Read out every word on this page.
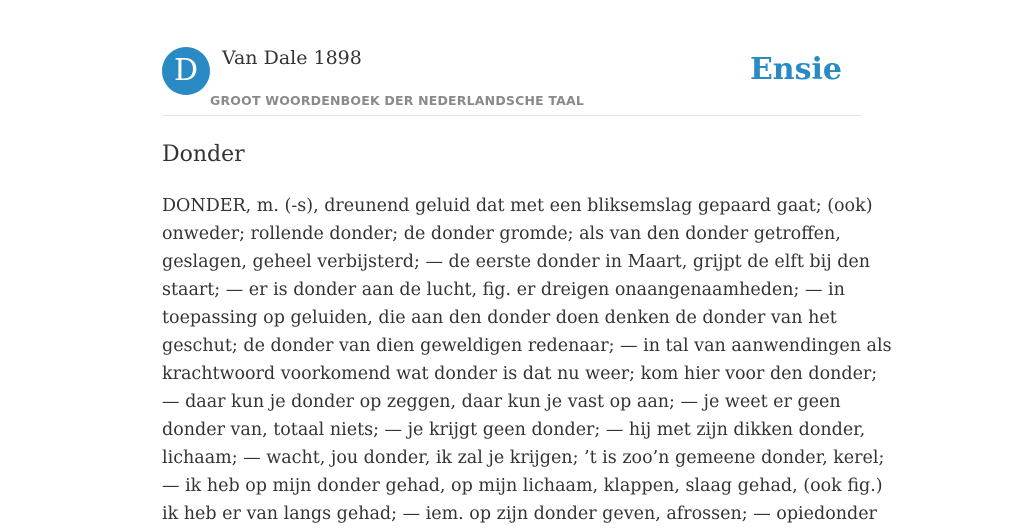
D	Van Dale 1898
GROOT WOORDENBOEK DER NEDERLANDSCHE TAAL
Ensie
Donder

DONDER, m. (-s), dreunend geluid dat met een bliksemslag gepaard gaat; (ook)
onweder; rollende donder; de donder gromde; als van den donder getroffen,
geslagen, geheel verbijsterd; — de eerste donder in Maart, grijpt de elft bij den
staart; — er is donder aan de lucht, fig. er dreigen onaangenaamheden; — in
toepassing op geluiden, die aan den donder doen denken de donder van het
geschut; de donder van dien geweldigen redenaar; — in tal van aanwendingen als
krachtwoord voorkomend wat donder is dat nu weer; kom hier voor den donder;
— daar kun je donder op zeggen, daar kun je vast op aan; — je weet er geen
donder van, totaal niets; — je krijgt geen donder; — hij met zijn dikken donder,
lichaam; — wacht, jou donder, ik zal je krijgen; ’t is zoo’n gemeene donder, kerel;
— ik heb op mijn donder gehad, op mijn lichaam, klappen, slaag gehad, (ook fig.)
ik heb er van langs gehad; — iem. op zijn donder geven, afrossen; — opiedonder
